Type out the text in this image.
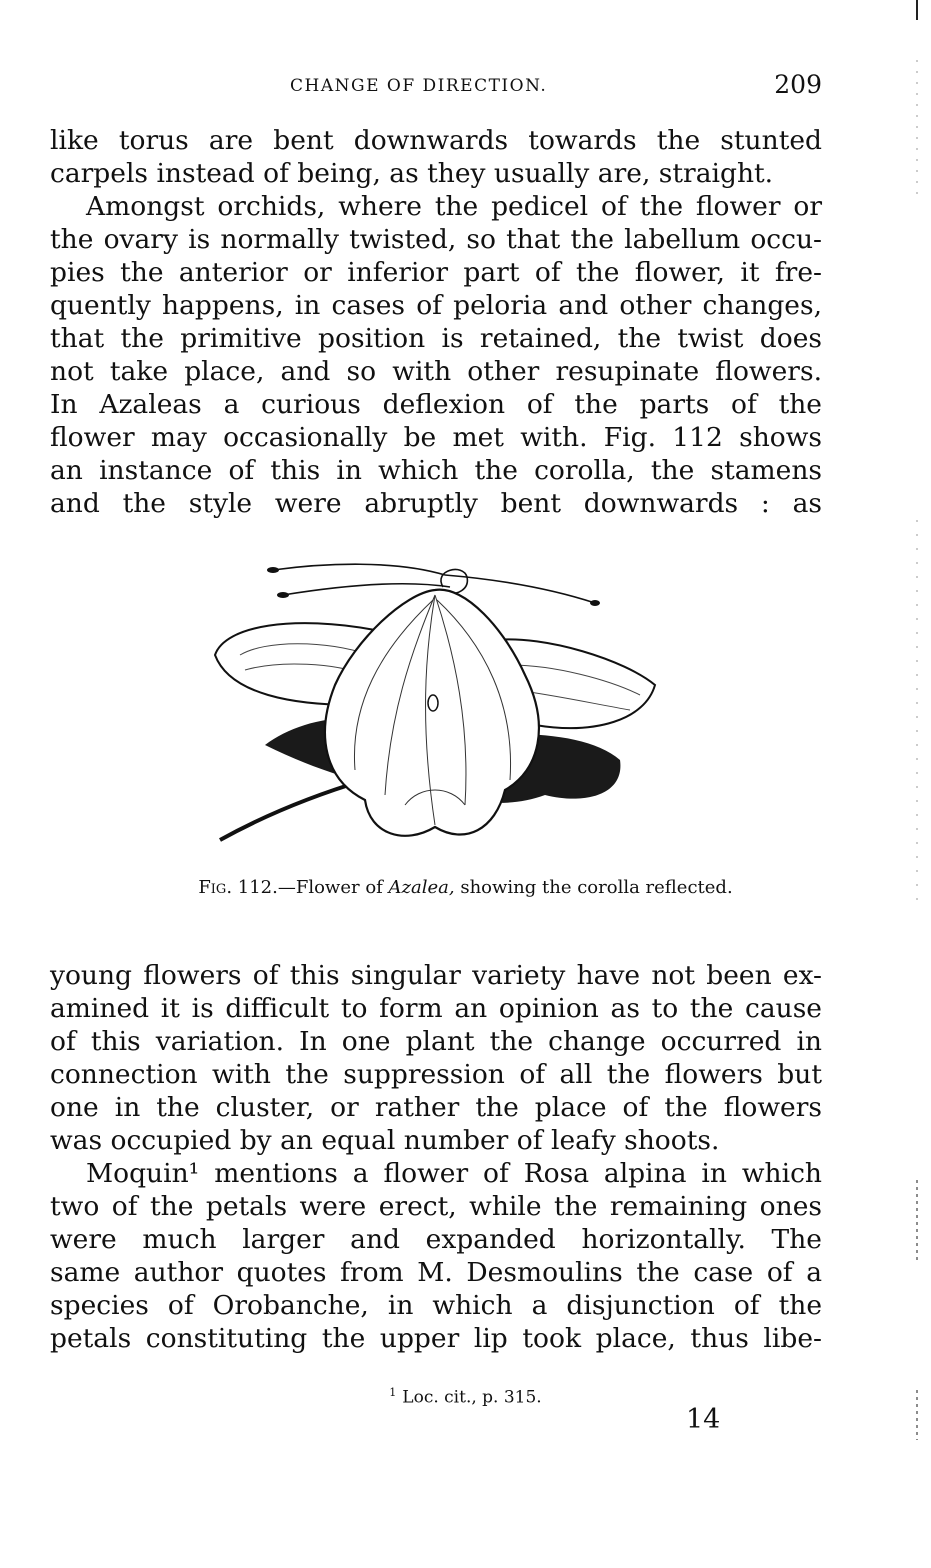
CHANGE OF DIRECTION.	209

like torus are bent downwards towards the stunted
carpels instead of being, as they usually are, straight.

Amongst orchids, where the pedicel of the flower or
the ovary is normally twisted, so that the labellum occu-
pies the anterior or inferior part of the flower, it fre-
quently happens, in cases of peloria and other changes,
that the primitive position is retained, the twist does
not take place, and so with other resupinate flowers.
In Azaleas a curious deflexion of the parts of the
flower may occasionally be met with. Fig. 112 shows
an instance of this in which the corolla, the stamens
and the style were abruptly bent downwards : as

Fig. 112.—Flower of Azalea, showing the corolla reflected.

young flowers of this singular variety have not been ex-
amined it is difficult to form an opinion as to the cause
of this variation. In one plant the change occurred in
connection with the suppression of all the flowers but
one in the cluster, or rather the place of the flowers
was occupied by an equal number of leafy shoots.

Moquin¹ mentions a flower of Rosa alpina in which
two of the petals were erect, while the remaining ones
were much larger and expanded horizontally. The
same author quotes from M. Desmoulins the case of a
species of Orobanche, in which a disjunction of the
petals constituting the upper lip took place, thus libe-

$^1$ Loc. cit., p. 315.
14
